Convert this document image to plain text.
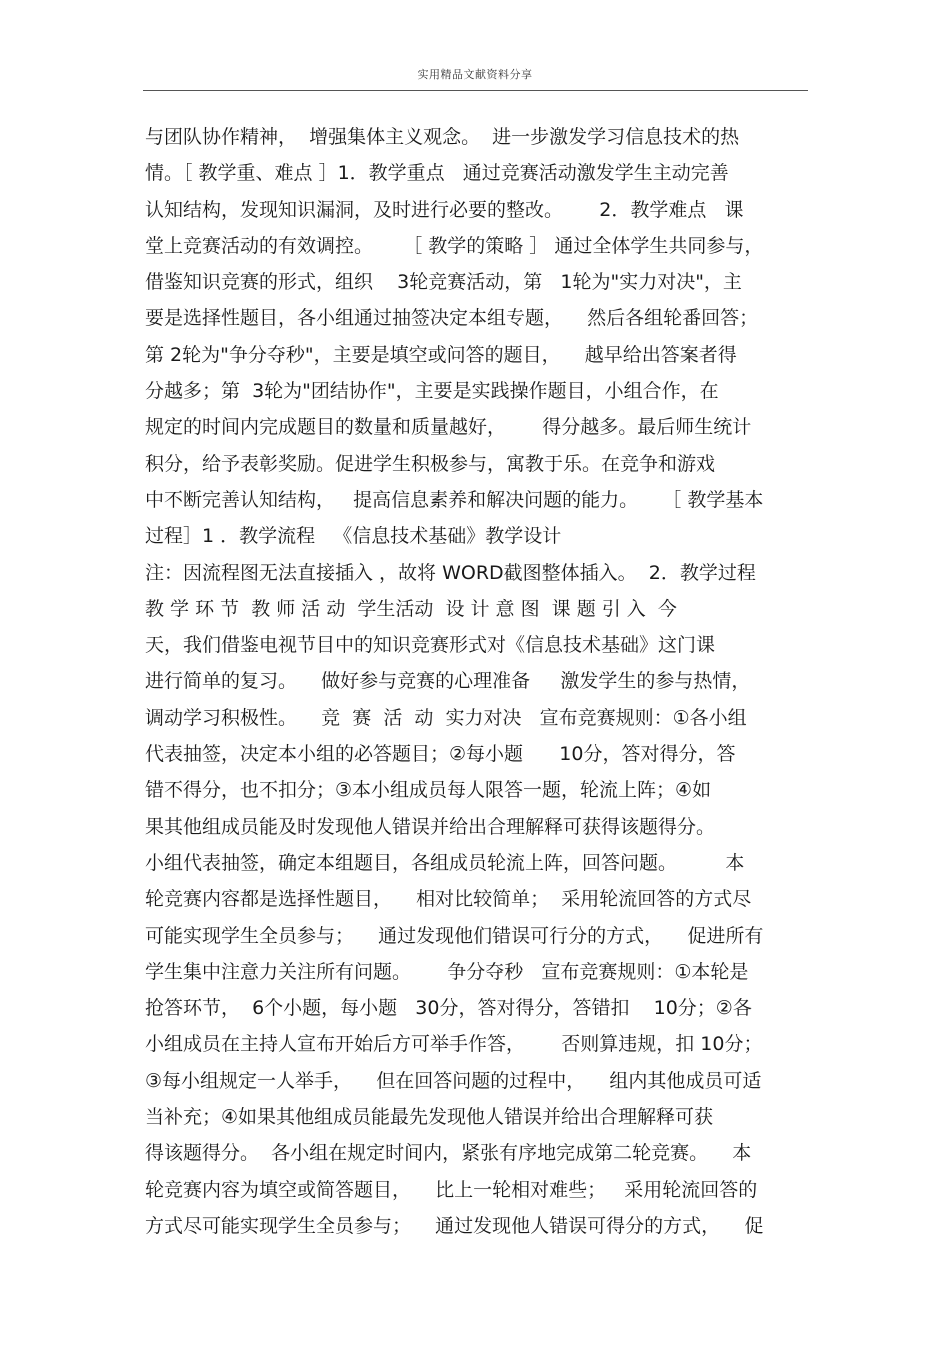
实用精品文献资料分享
与团队协作精神，  增强集体主义观念。  进一步激发学习信息技术的热
情。［ 教学重、难点 ］1．教学重点   通过竞赛活动激发学生主动完善
认知结构，发现知识漏洞，及时进行必要的整改。      2．教学难点   课
堂上竞赛活动的有效调控。     ［ 教学的策略 ］ 通过全体学生共同参与，
借鉴知识竞赛的形式，组织    3轮竞赛活动，第   1轮为"实力对决"，主
要是选择性题目，各小组通过抽签决定本组专题，    然后各组轮番回答；
第 2轮为"争分夺秒"，主要是填空或问答的题目，    越早给出答案者得
分越多；第  3轮为"团结协作"，主要是实践操作题目，小组合作，在
规定的时间内完成题目的数量和质量越好，      得分越多。最后师生统计
积分，给予表彰奖励。促进学生积极参与，寓教于乐。在竞争和游戏
中不断完善认知结构，   提高信息素养和解决问题的能力。    ［ 教学基本
过程］1 ．教学流程   《信息技术基础》教学设计
注：因流程图无法直接插入 ，故将 WORD截图整体插入。  2．教学过程
教 学 环 节  教 师 活 动  学生活动  设 计 意 图  课 题 引 入  今
天，我们借鉴电视节目中的知识竞赛形式对《信息技术基础》这门课
进行简单的复习。    做好参与竞赛的心理准备     激发学生的参与热情，
调动学习积极性。    竞  赛  活  动  实力对决   宣布竞赛规则：①各小组
代表抽签，决定本小组的必答题目；②每小题      10分，答对得分，答
错不得分，也不扣分；③本小组成员每人限答一题，轮流上阵；④如
果其他组成员能及时发现他人错误并给出合理解释可获得该题得分。
小组代表抽签，确定本组题目，各组成员轮流上阵，回答问题。        本
轮竞赛内容都是选择性题目，    相对比较简单；  采用轮流回答的方式尽
可能实现学生全员参与；    通过发现他们错误可行分的方式，    促进所有
学生集中注意力关注所有问题。      争分夺秒   宣布竞赛规则：①本轮是
抢答环节，  6个小题，每小题   30分，答对得分，答错扣    10分；②各
小组成员在主持人宣布开始后方可举手作答，      否则算违规，扣 10分；
③每小组规定一人举手，    但在回答问题的过程中，    组内其他成员可适
当补充；④如果其他组成员能最先发现他人错误并给出合理解释可获
得该题得分。  各小组在规定时间内，紧张有序地完成第二轮竞赛。    本
轮竞赛内容为填空或简答题目，    比上一轮相对难些；   采用轮流回答的
方式尽可能实现学生全员参与；    通过发现他人错误可得分的方式，    促
